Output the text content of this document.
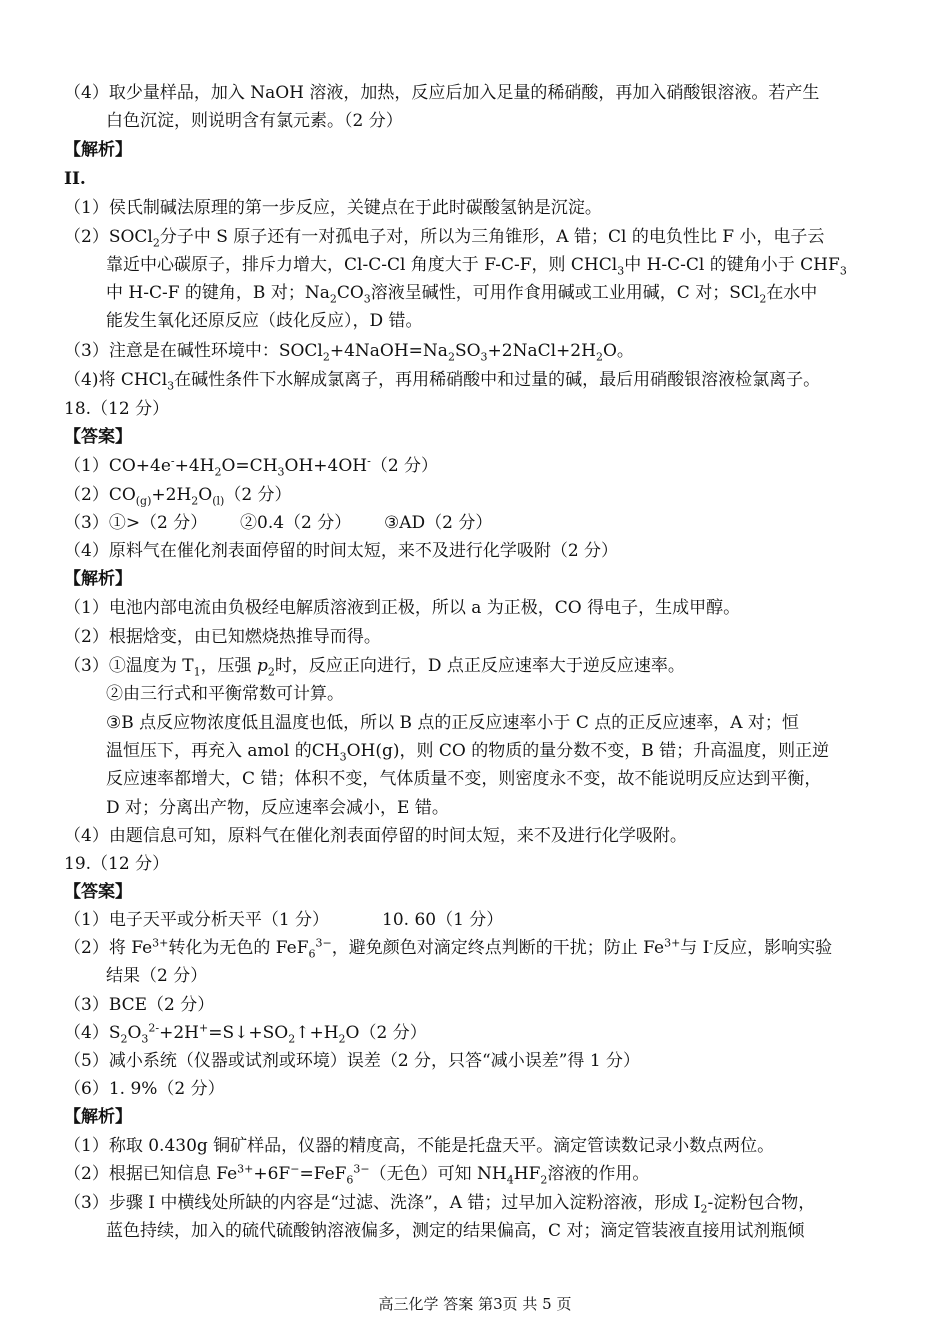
（4）取少量样品，加入 NaOH 溶液，加热，反应后加入足量的稀硝酸，再加入硝酸银溶液。若产生
白色沉淀，则说明含有氯元素。（2 分）
【解析】
II.
（1）侯氏制碱法原理的第一步反应，关键点在于此时碳酸氢钠是沉淀。
（2）SOCl$_2$分子中 S 原子还有一对孤电子对，所以为三角锥形，A 错；Cl 的电负性比 F 小，电子云
靠近中心碳原子，排斥力增大，Cl-C-Cl 角度大于 F-C-F，则 CHCl$_3$中 H-C-Cl 的键角小于 $CHF_3$
中 H-C-F 的键角，B 对；$Na_2CO_3$溶液呈碱性，可用作食用碱或工业用碱，C 对；SCl$_2$在水中
能发生氧化还原反应（歧化反应），D 错。
（3）注意是在碱性环境中：$SOCl_2+4NaOH=Na_2SO_3+2NaCl+2H_2O$。
（4)将 CHCl$_3$在碱性条件下水解成氯离子，再用稀硝酸中和过量的碱，最后用硝酸银溶液检氯离子。
18.（12 分）
【答案】
$(1)CO+4e^-+4H_2O=CH_3OH+4OH^-(2$ 分）
$(2)CO_{(g)}+2H_2O_{(l)}(2$ 分）
（3）①>（2 分） ②0.4（2 分） ③AD（2 分）
（4）原料气在催化剂表面停留的时间太短，来不及进行化学吸附（2 分）
【解析】
（1）电池内部电流由负极经电解质溶液到正极，所以 a 为正极，CO 得电子，生成甲醇。
（2）根据焓变，由已知燃烧热推导而得。
（3）①温度为 $T_1$，压强 $p_2$时，反应正向进行，D 点正反应速率大于逆反应速率。
②由三行式和平衡常数可计算。
③B 点反应物浓度低且温度也低，所以 B 点的正反应速率小于 C 点的正反应速率，A 对；恒
温恒压下，再充入 amol 的$CH_3OH(g)$，则 CO 的物质的量分数不变，B 错；升高温度，则正逆
反应速率都增大，C 错；体积不变，气体质量不变，则密度永不变，故不能说明反应达到平衡，
D 对；分离出产物，反应速率会减小，E 错。
（4）由题信息可知，原料气在催化剂表面停留的时间太短，来不及进行化学吸附。
19.（12 分）
【答案】
（1）电子天平或分析天平（1 分）	10. 60（1 分）
（2）将 $Fe^{3+}$转化为无色的 FeF$_6^{3-}$，避免颜色对滴定终点判断的干扰；防止 $Fe^{3+}$与 I-反应，影响实验
结果（2 分）
（3）BCE（2 分）
$(4)S_2O_3^{2-}+2H^+=S↓+SO_2↑+H_2O(2$ 分）
（5）减小系统（仪器或试剂或环境）误差（2 分，只答“减小误差”得 1 分）
（6）1. 9%（2 分）
【解析】
（1）称取 0.430g 铜矿样品，仪器的精度高，不能是托盘天平。滴定管读数记录小数点两位。
（2）根据已知信息 $Fe^{3+}+6F^-=FeF_6^{3-}$（无色）可知 $NH_4HF_2$溶液的作用。
（3）步骤 I 中横线处所缺的内容是“过滤、洗涤”，A 错；过早加入淀粉溶液，形成 $I_2-$淀粉包合物，
蓝色持续，加入的硫代硫酸钠溶液偏多，测定的结果偏高，C 对；滴定管装液直接用试剂瓶倾
高三化学 答案 第3页 共 5 页
